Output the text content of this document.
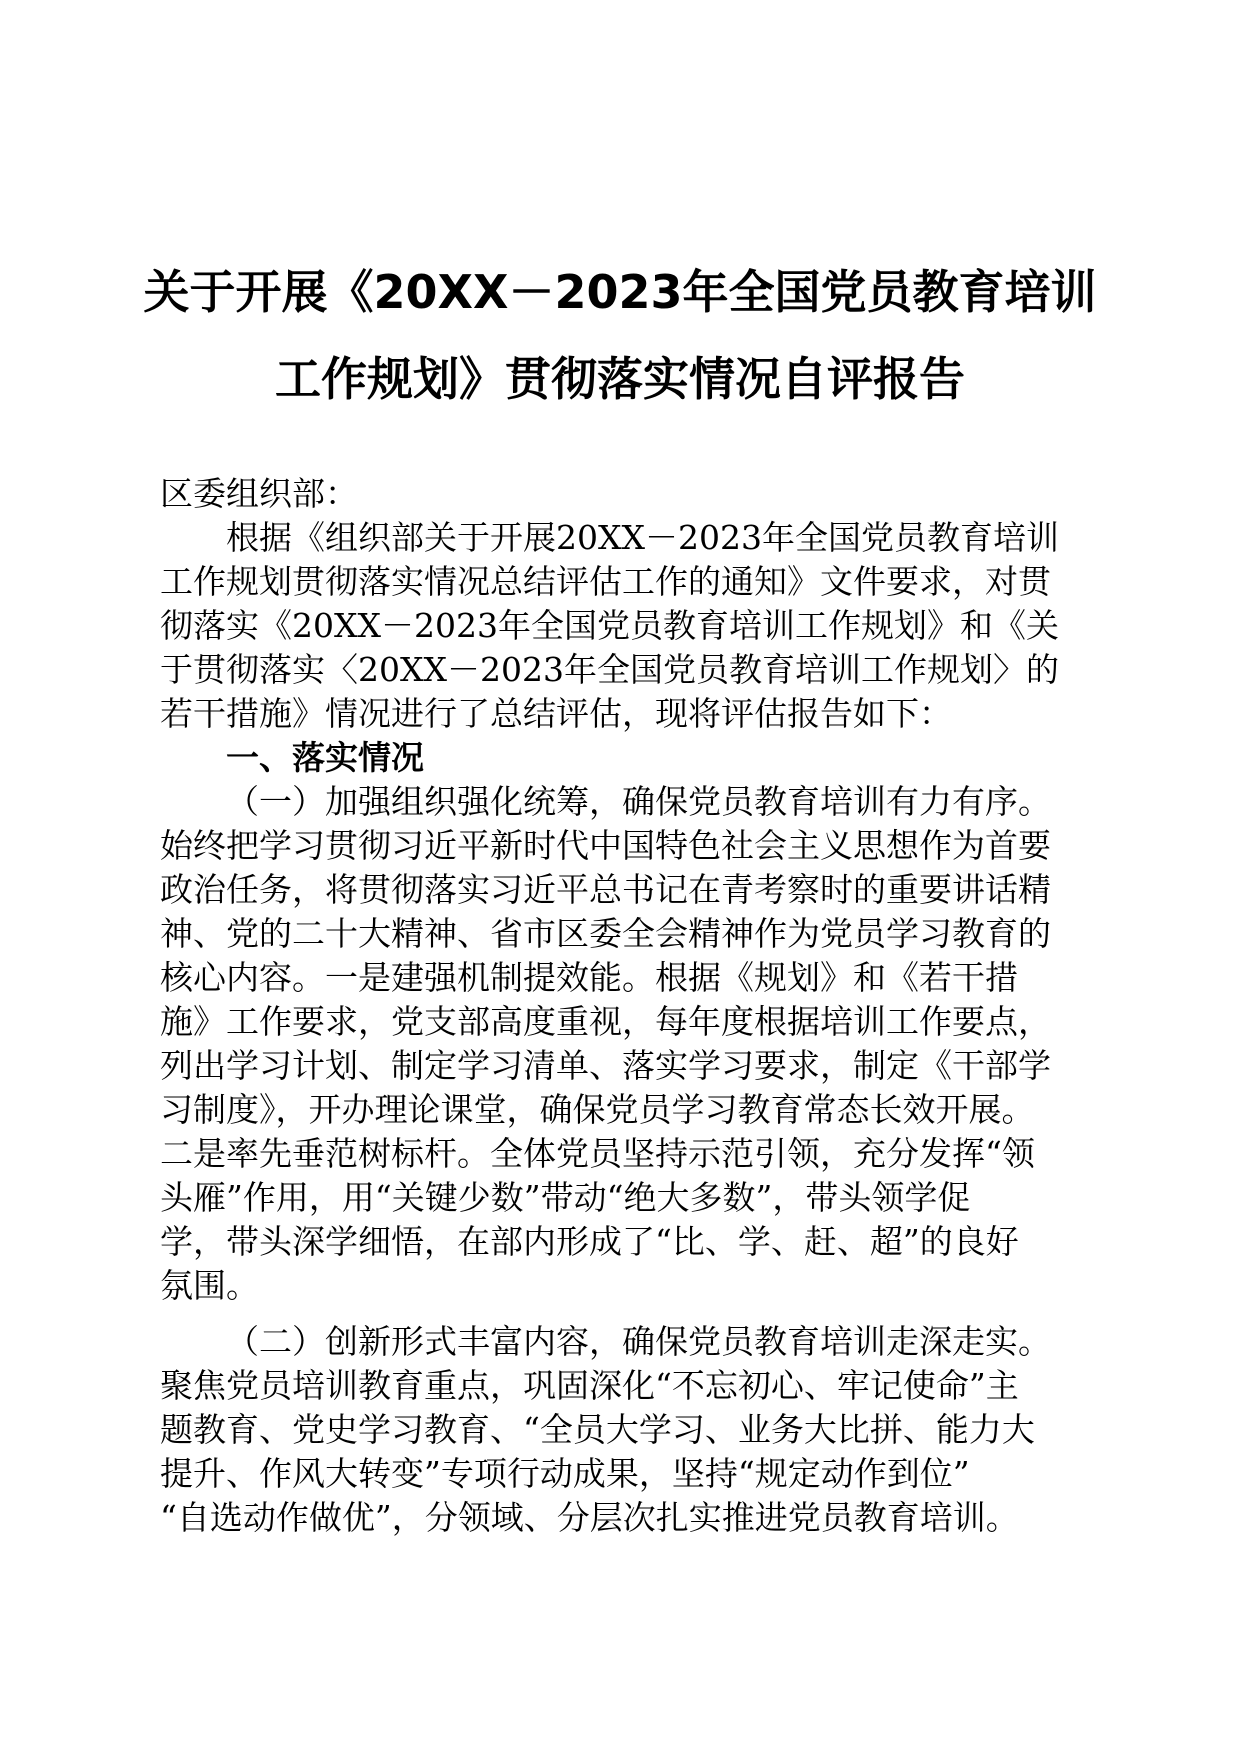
关于开展《20XX－2023年全国党员教育培训
工作规划》贯彻落实情况自评报告
区委组织部：
根据《组织部关于开展20XX－2023年全国党员教育培训
工作规划贯彻落实情况总结评估工作的通知》文件要求，对贯
彻落实《20XX－2023年全国党员教育培训工作规划》和《关
于贯彻落实〈20XX－2023年全国党员教育培训工作规划〉的
若干措施》情况进行了总结评估，现将评估报告如下：
一、落实情况
（一）加强组织强化统筹，确保党员教育培训有力有序。
始终把学习贯彻习近平新时代中国特色社会主义思想作为首要
政治任务，将贯彻落实习近平总书记在青考察时的重要讲话精
神、党的二十大精神、省市区委全会精神作为党员学习教育的
核心内容。一是建强机制提效能。根据《规划》和《若干措
施》工作要求，党支部高度重视，每年度根据培训工作要点，
列出学习计划、制定学习清单、落实学习要求，制定《干部学
习制度》，开办理论课堂，确保党员学习教育常态长效开展。
二是率先垂范树标杆。全体党员坚持示范引领，充分发挥“领
头雁”作用，用“关键少数”带动“绝大多数”，带头领学促
学，带头深学细悟，在部内形成了“比、学、赶、超”的良好
氛围。
（二）创新形式丰富内容，确保党员教育培训走深走实。
聚焦党员培训教育重点，巩固深化“不忘初心、牢记使命”主
题教育、党史学习教育、“全员大学习、业务大比拼、能力大
提升、作风大转变”专项行动成果，坚持“规定动作到位”
“自选动作做优”，分领域、分层次扎实推进党员教育培训。
